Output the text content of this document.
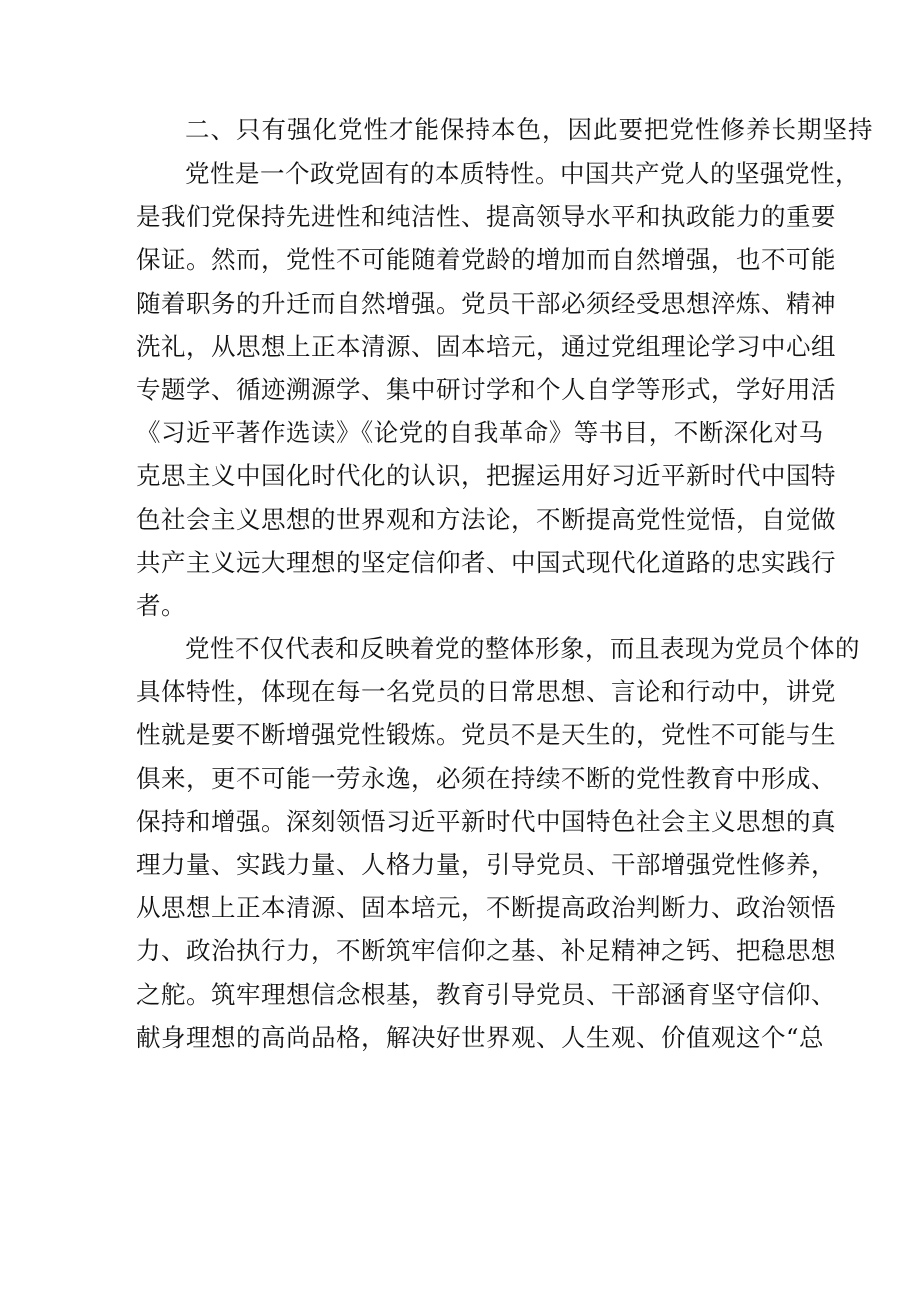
二、只有强化党性才能保持本色，因此要把党性修养长期坚持

党性是一个政党固有的本质特性。中国共产党人的坚强党性，
是我们党保持先进性和纯洁性、提高领导水平和执政能力的重要
保证。然而，党性不可能随着党龄的增加而自然增强，也不可能
随着职务的升迁而自然增强。党员干部必须经受思想淬炼、精神
洗礼，从思想上正本清源、固本培元，通过党组理论学习中心组
专题学、循迹溯源学、集中研讨学和个人自学等形式，学好用活
《习近平著作选读》《论党的自我革命》等书目，不断深化对马
克思主义中国化时代化的认识，把握运用好习近平新时代中国特
色社会主义思想的世界观和方法论，不断提高党性觉悟，自觉做
共产主义远大理想的坚定信仰者、中国式现代化道路的忠实践行
者。

党性不仅代表和反映着党的整体形象，而且表现为党员个体的
具体特性，体现在每一名党员的日常思想、言论和行动中，讲党
性就是要不断增强党性锻炼。党员不是天生的，党性不可能与生
俱来，更不可能一劳永逸，必须在持续不断的党性教育中形成、
保持和增强。深刻领悟习近平新时代中国特色社会主义思想的真
理力量、实践力量、人格力量，引导党员、干部增强党性修养，
从思想上正本清源、固本培元，不断提高政治判断力、政治领悟
力、政治执行力，不断筑牢信仰之基、补足精神之钙、把稳思想
之舵。筑牢理想信念根基，教育引导党员、干部涵育坚守信仰、
献身理想的高尚品格，解决好世界观、人生观、价值观这个“总
